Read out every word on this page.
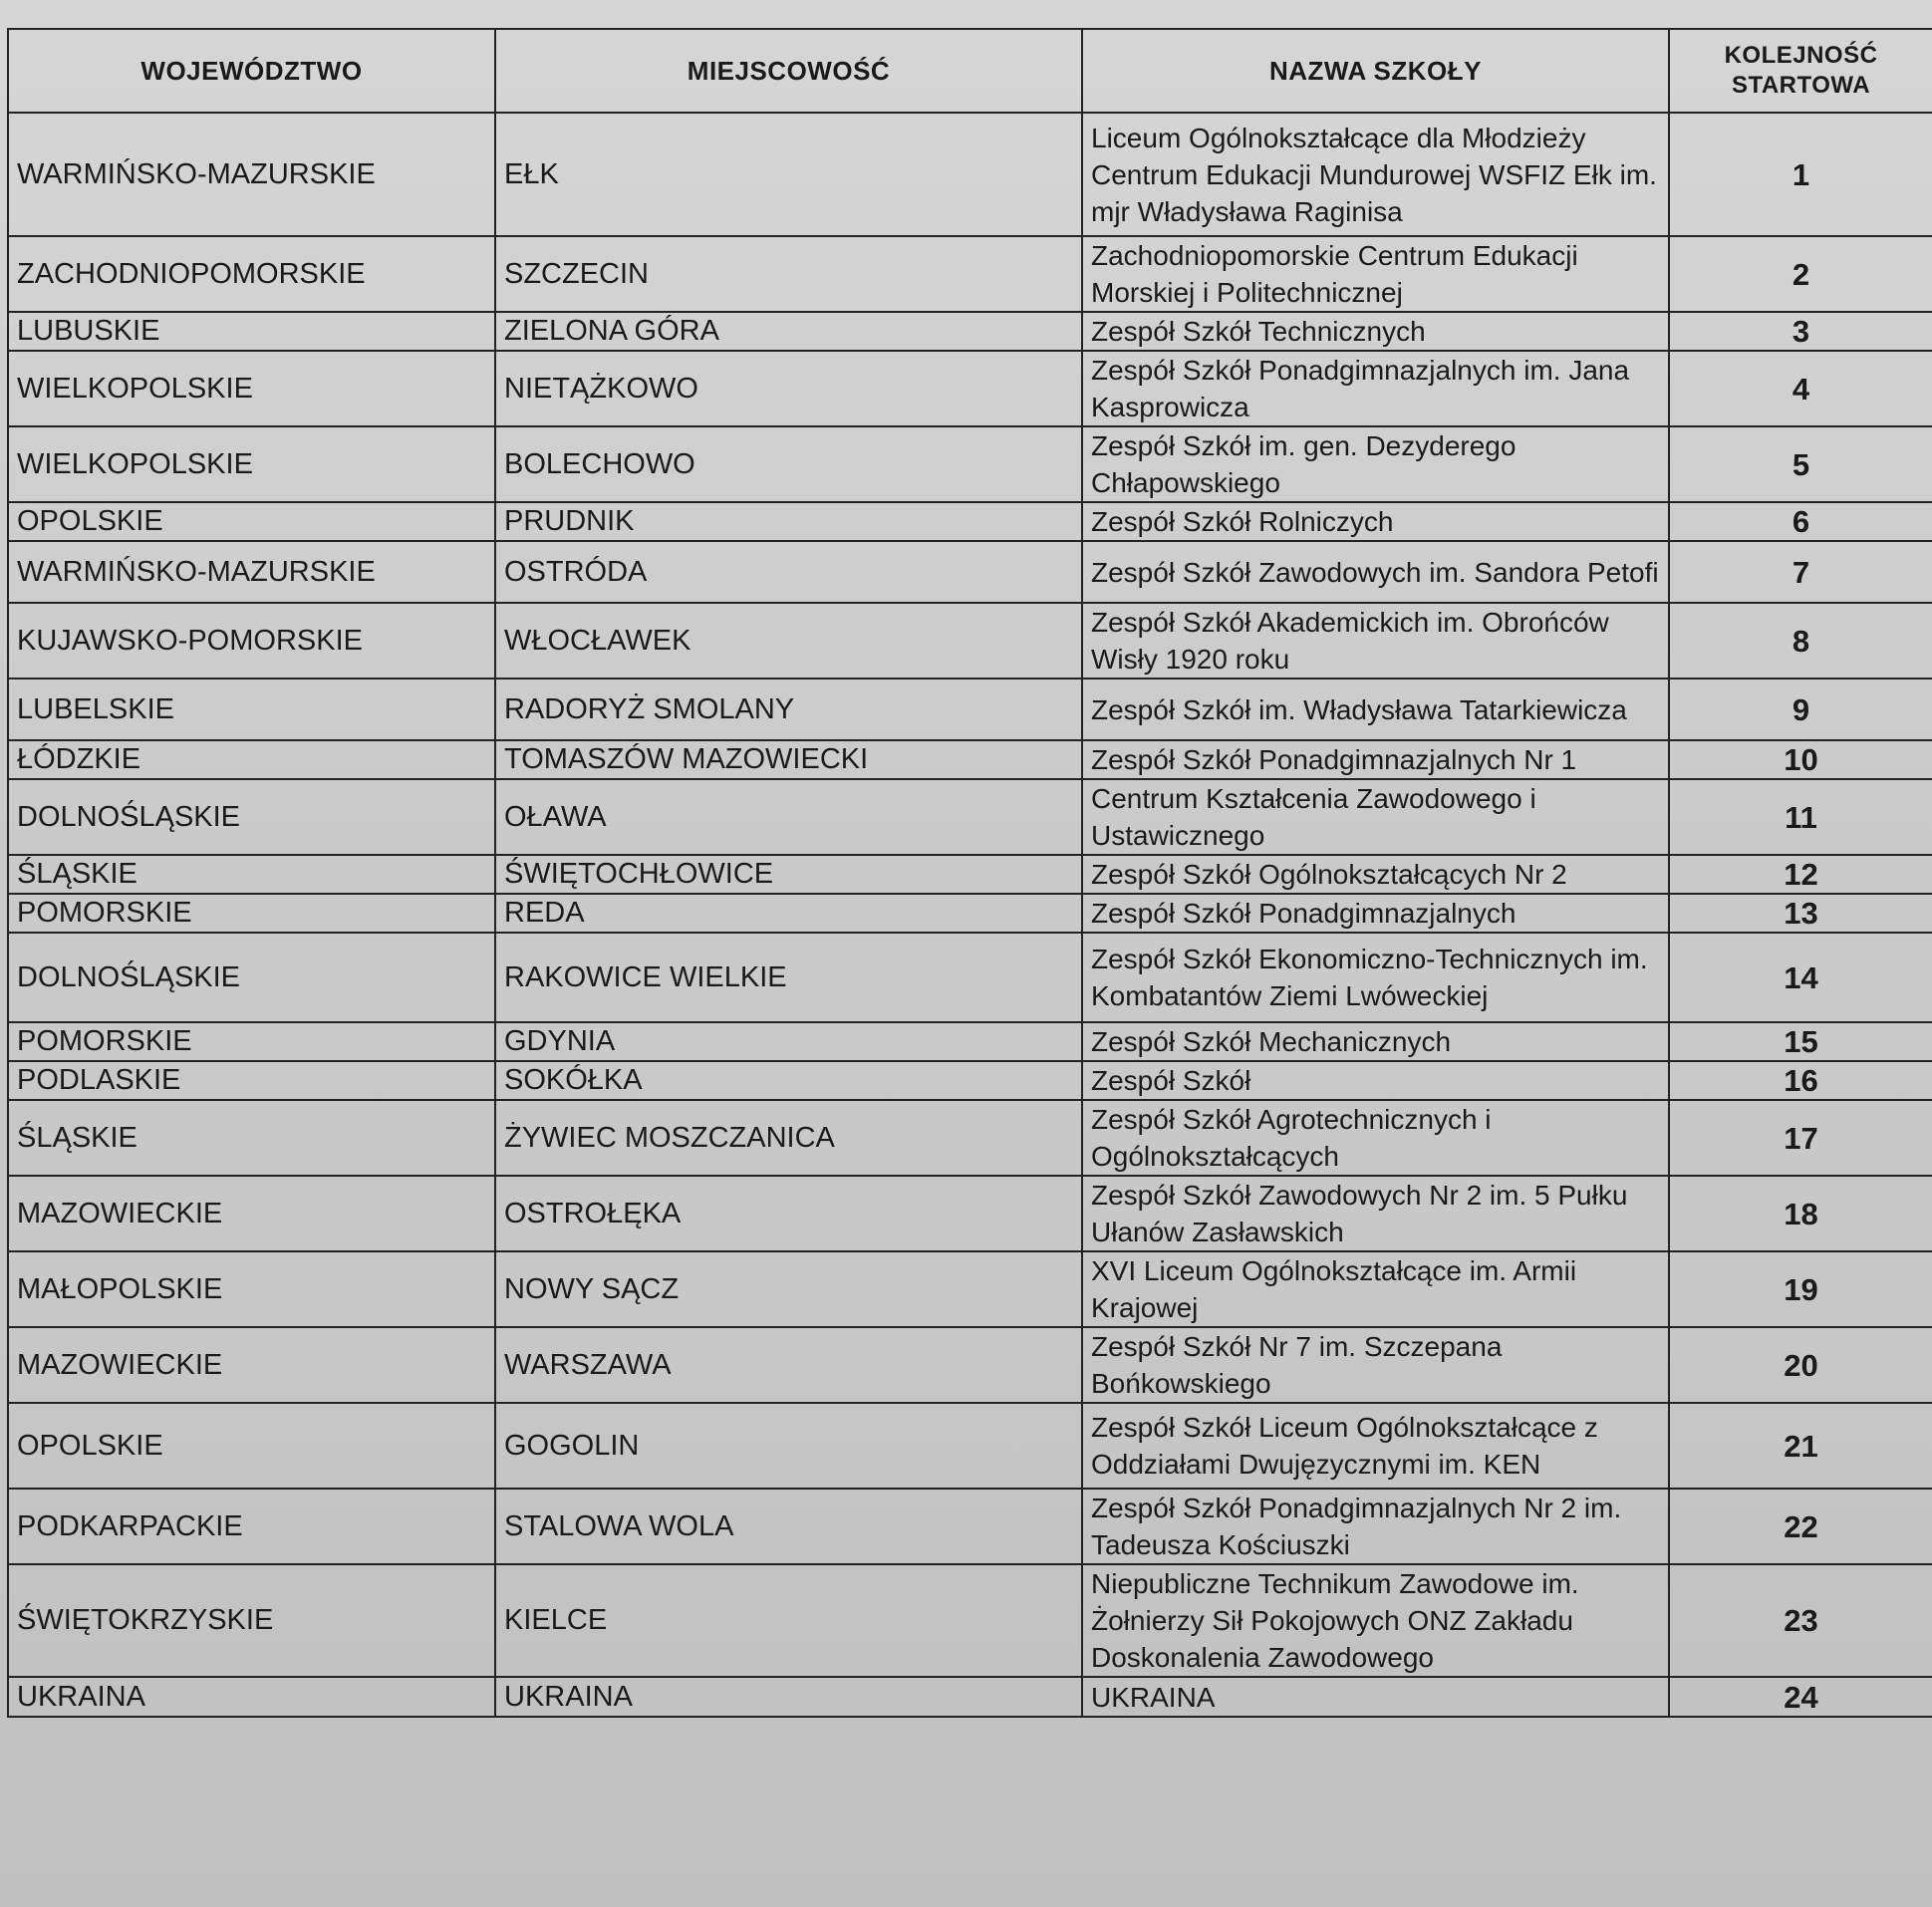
WOJEWÓDZTWO	MIEJSCOWOŚĆ	NAZWA SZKOŁY	KOLEJNOŚĆ STARTOWA
WARMIŃSKO-MAZURSKIE	EŁK	Liceum Ogólnokształcące dla Młodzieży Centrum Edukacji Mundurowej WSFIZ Ełk im. mjr Władysława Raginisa	1
ZACHODNIOPOMORSKIE	SZCZECIN	Zachodniopomorskie Centrum Edukacji Morskiej i Politechnicznej	2
LUBUSKIE	ZIELONA GÓRA	Zespół Szkół Technicznych	3
WIELKOPOLSKIE	NIETĄŻKOWO	Zespół Szkół Ponadgimnazjalnych im. Jana Kasprowicza	4
WIELKOPOLSKIE	BOLECHOWO	Zespół Szkół im. gen. Dezyderego Chłapowskiego	5
OPOLSKIE	PRUDNIK	Zespół Szkół Rolniczych	6
WARMIŃSKO-MAZURSKIE	OSTRÓDA	Zespół Szkół Zawodowych im. Sandora Petofi	7
KUJAWSKO-POMORSKIE	WŁOCŁAWEK	Zespół Szkół Akademickich im. Obrońców Wisły 1920 roku	8
LUBELSKIE	RADORYŻ SMOLANY	Zespół Szkół im. Władysława Tatarkiewicza	9
ŁÓDZKIE	TOMASZÓW MAZOWIECKI	Zespół Szkół Ponadgimnazjalnych Nr 1	10
DOLNOŚLĄSKIE	OŁAWA	Centrum Kształcenia Zawodowego i Ustawicznego	11
ŚLĄSKIE	ŚWIĘTOCHŁOWICE	Zespół Szkół Ogólnokształcących Nr 2	12
POMORSKIE	REDA	Zespół Szkół Ponadgimnazjalnych	13
DOLNOŚLĄSKIE	RAKOWICE WIELKIE	Zespół Szkół Ekonomiczno-Technicznych im. Kombatantów Ziemi Lwóweckiej	14
POMORSKIE	GDYNIA	Zespół Szkół Mechanicznych	15
PODLASKIE	SOKÓŁKA	Zespół Szkół	16
ŚLĄSKIE	ŻYWIEC MOSZCZANICA	Zespół Szkół Agrotechnicznych i Ogólnokształcących	17
MAZOWIECKIE	OSTROŁĘKA	Zespół Szkół Zawodowych Nr 2 im. 5 Pułku Ułanów Zasławskich	18
MAŁOPOLSKIE	NOWY SĄCZ	XVI Liceum Ogólnokształcące im. Armii Krajowej	19
MAZOWIECKIE	WARSZAWA	Zespół Szkół Nr 7 im. Szczepana Bońkowskiego	20
OPOLSKIE	GOGOLIN	Zespół Szkół Liceum Ogólnokształcące z Oddziałami Dwujęzycznymi im. KEN	21
PODKARPACKIE	STALOWA WOLA	Zespół Szkół Ponadgimnazjalnych Nr 2 im. Tadeusza Kościuszki	22
ŚWIĘTOKRZYSKIE	KIELCE	Niepubliczne Technikum Zawodowe im. Żołnierzy Sił Pokojowych ONZ Zakładu Doskonalenia Zawodowego	23
UKRAINA	UKRAINA	UKRAINA	24
